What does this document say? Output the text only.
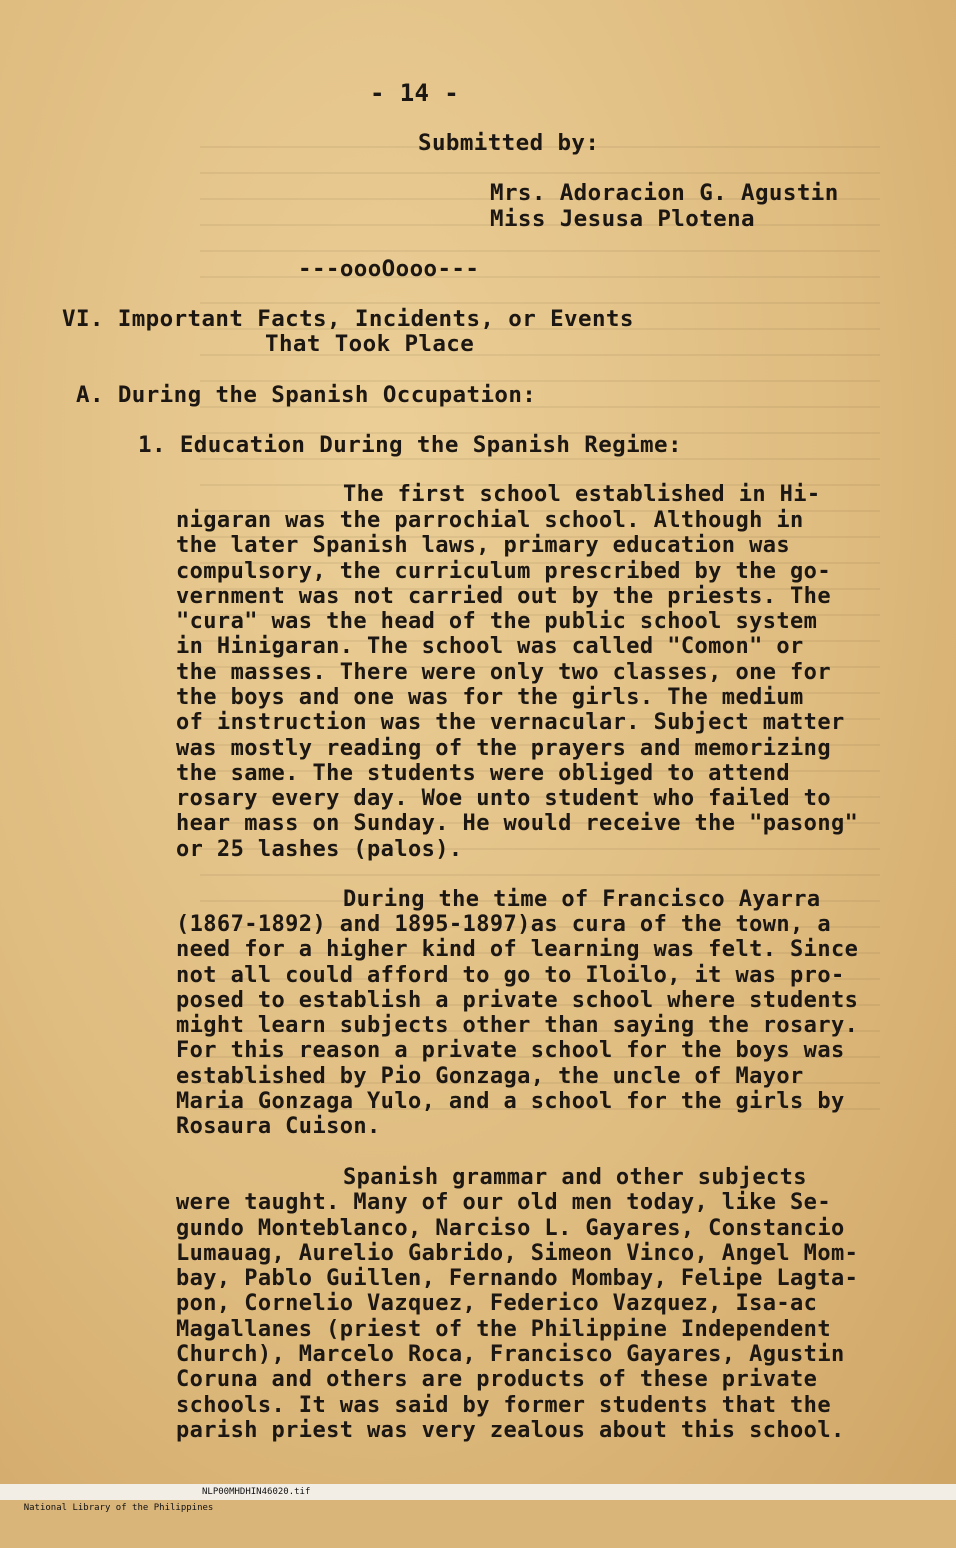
- 14 -
Submitted by:
Mrs. Adoracion G. Agustin
Miss Jesusa Plotena
---oooOooo---
VI. Important Facts, Incidents, or Events
That Took Place
A. During the Spanish Occupation:
1. Education During the Spanish Regime:
The first school established in Hi-
nigaran was the parrochial school. Although in
the later Spanish laws, primary education was
compulsory, the curriculum prescribed by the go-
vernment was not carried out by the priests. The
"cura" was the head of the public school system
in Hinigaran. The school was called "Comon" or
the masses. There were only two classes, one for
the boys and one was for the girls. The medium
of instruction was the vernacular. Subject matter
was mostly reading of the prayers and memorizing
the same. The students were obliged to attend
rosary every day. Woe unto student who failed to
hear mass on Sunday. He would receive the "pasong"
or 25 lashes (palos).
During the time of Francisco Ayarra
(1867-1892) and 1895-1897)as cura of the town, a
need for a higher kind of learning was felt. Since
not all could afford to go to Iloilo, it was pro-
posed to establish a private school where students
might learn subjects other than saying the rosary.
For this reason a private school for the boys was
established by Pio Gonzaga, the uncle of Mayor
Maria Gonzaga Yulo, and a school for the girls by
Rosaura Cuison.
Spanish grammar and other subjects
were taught. Many of our old men today, like Se-
gundo Monteblanco, Narciso L. Gayares, Constancio
Lumauag, Aurelio Gabrido, Simeon Vinco, Angel Mom-
bay, Pablo Guillen, Fernando Mombay, Felipe Lagta-
pon, Cornelio Vazquez, Federico Vazquez, Isa-ac
Magallanes (priest of the Philippine Independent
Church), Marcelo Roca, Francisco Gayares, Agustin
Coruna and others are products of these private
schools. It was said by former students that the
parish priest was very zealous about this school.

National Library of the Philippines

NLP00MHDHIN46020.tif
